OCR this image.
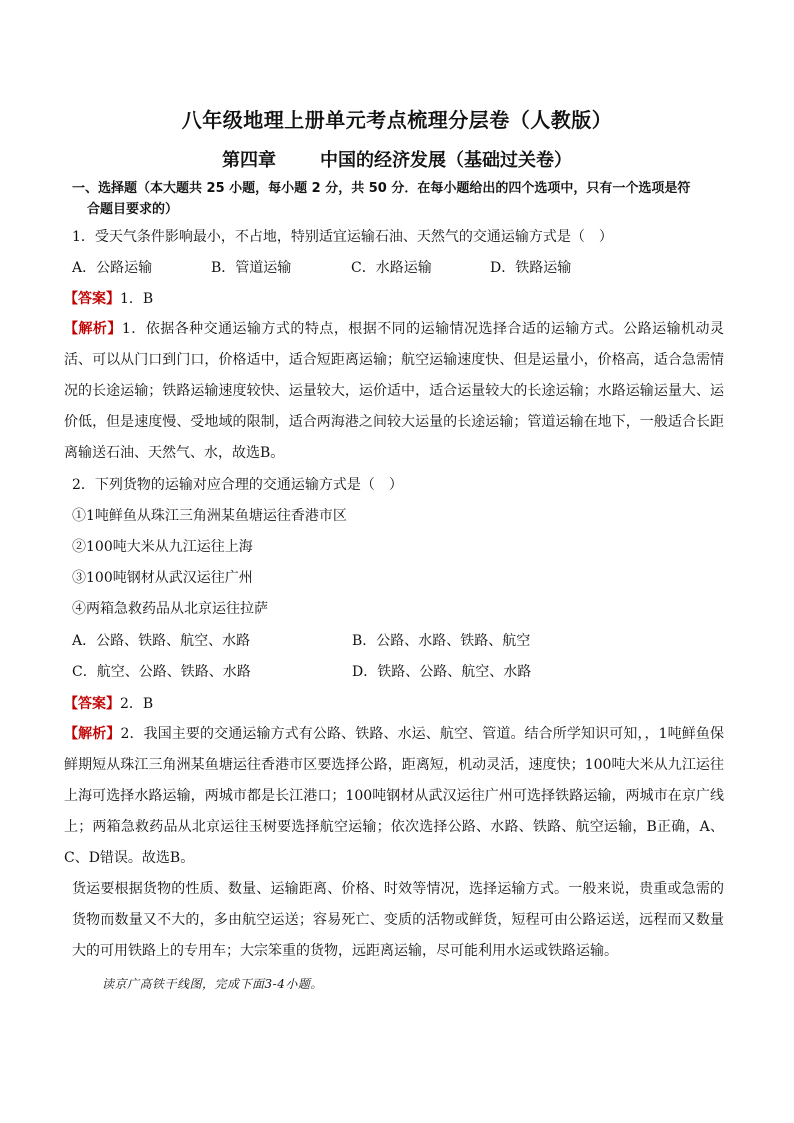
八年级地理上册单元考点梳理分层卷（人教版）
第四章 中国的经济发展（基础过关卷）
一、选择题（本大题共 25 小题，每小题 2 分，共 50 分．在每小题给出的四个选项中，只有一个选项是符
合题目要求的）
1．受天气条件影响最小，不占地，特别适宜运输石油、天然气的交通运输方式是（　）
A．公路运输	B．管道运输	C．水路运输	D．铁路运输
【答案】1．B
【解析】1．依据各种交通运输方式的特点，根据不同的运输情况选择合适的运输方式。公路运输机动灵活、可以从门口到门口，价格适中，适合短距离运输；航空运输速度快、但是运量小，价格高，适合急需情况的长途运输；铁路运输速度较快、运量较大，运价适中，适合运量较大的长途运输；水路运输运量大、运价低，但是速度慢、受地域的限制，适合两海港之间较大运量的长途运输；管道运输在地下，一般适合长距离输送石油、天然气、水，故选B。
2．下列货物的运输对应合理的交通运输方式是（　）
①1吨鲜鱼从珠江三角洲某鱼塘运往香港市区
②100吨大米从九江运往上海
③100吨钢材从武汉运往广州
④两箱急救药品从北京运往拉萨
A．公路、铁路、航空、水路	B．公路、水路、铁路、航空
C．航空、公路、铁路、水路	D．铁路、公路、航空、水路
【答案】2．B
【解析】2．我国主要的交通运输方式有公路、铁路、水运、航空、管道。结合所学知识可知，，1吨鲜鱼保鲜期短从珠江三角洲某鱼塘运往香港市区要选择公路，距离短，机动灵活，速度快；100吨大米从九江运往上海可选择水路运输，两城市都是长江港口；100吨钢材从武汉运往广州可选择铁路运输，两城市在京广线上；两箱急救药品从北京运往玉树要选择航空运输；依次选择公路、水路、铁路、航空运输，B正确，A、C、D错误。故选B。
货运要根据货物的性质、数量、运输距离、价格、时效等情况，选择运输方式。一般来说，贵重或急需的货物而数量又不大的，多由航空运送；容易死亡、变质的活物或鲜货，短程可由公路运送，远程而又数量大的可用铁路上的专用车；大宗笨重的货物，远距离运输，尽可能利用水运或铁路运输。
读京广高铁干线图，完成下面3-4小题。
